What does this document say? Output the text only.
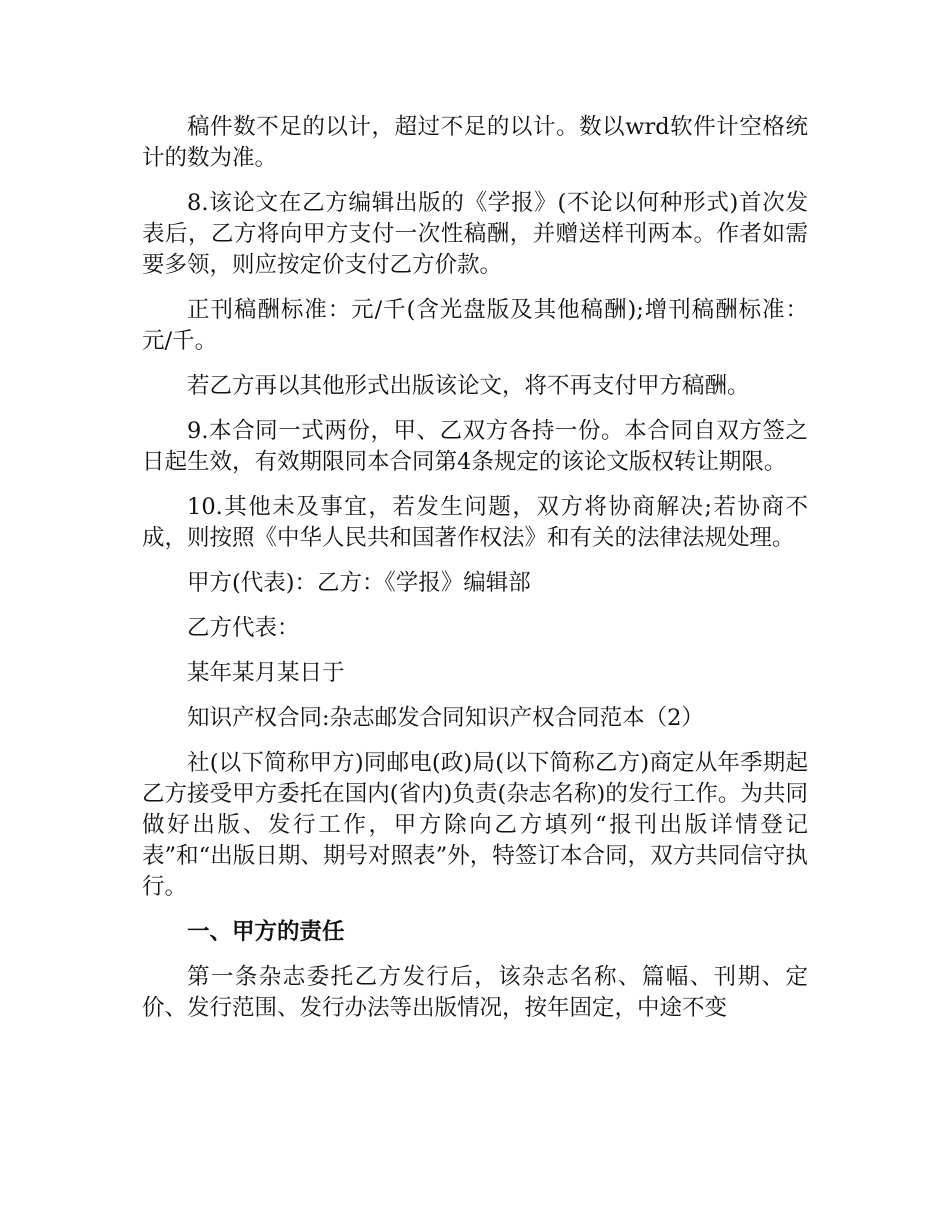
稿件数不足的以计，超过不足的以计。数以wrd软件计空格统计的数为准。

8.该论文在乙方编辑出版的《学报》(不论以何种形式)首次发表后，乙方将向甲方支付一次性稿酬，并赠送样刊两本。作者如需要多领，则应按定价支付乙方价款。

正刊稿酬标准：元/千(含光盘版及其他稿酬);增刊稿酬标准：元/千。

若乙方再以其他形式出版该论文，将不再支付甲方稿酬。

9.本合同一式两份，甲、乙双方各持一份。本合同自双方签之日起生效，有效期限同本合同第4条规定的该论文版权转让期限。

10.其他未及事宜，若发生问题，双方将协商解决;若协商不成，则按照《中华人民共和国著作权法》和有关的法律法规处理。

甲方(代表)：乙方：《学报》编辑部

乙方代表：

某年某月某日于

知识产权合同:杂志邮发合同知识产权合同范本（2）

社(以下简称甲方)同邮电(政)局(以下简称乙方)商定从年季期起乙方接受甲方委托在国内(省内)负责(杂志名称)的发行工作。为共同做好出版、发行工作，甲方除向乙方填列“报刊出版详情登记表”和“出版日期、期号对照表”外，特签订本合同，双方共同信守执行。

一、甲方的责任

第一条杂志委托乙方发行后，该杂志名称、篇幅、刊期、定价、发行范围、发行办法等出版情况，按年固定，中途不变
